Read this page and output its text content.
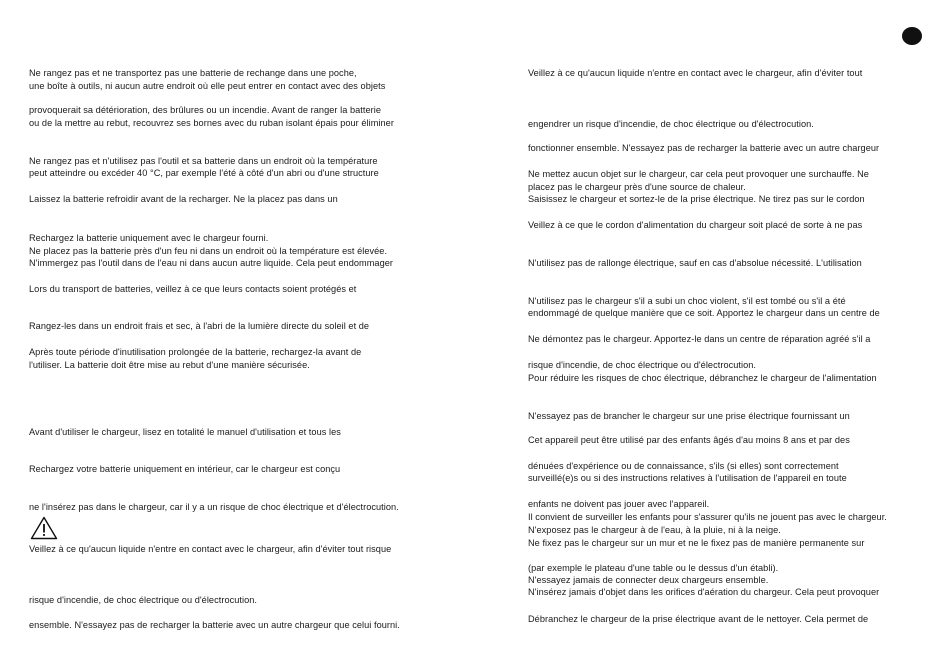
Ne rangez pas et ne transportez pas une batterie de rechange dans une poche,
une boîte à outils, ni aucun autre endroit où elle peut entrer en contact avec des objets
provoquerait sa détérioration, des brûlures ou un incendie. Avant de ranger la batterie
ou de la mettre au rebut, recouvrez ses bornes avec du ruban isolant épais pour éliminer
Ne rangez pas et n'utilisez pas l'outil et sa batterie dans un endroit où la température
peut atteindre ou excéder 40 °C, par exemple l'été à côté d'un abri ou d'une structure
Laissez la batterie refroidir avant de la recharger. Ne la placez pas dans un
Rechargez la batterie uniquement avec le chargeur fourni.
Ne placez pas la batterie près d'un feu ni dans un endroit où la température est élevée.
N'immergez pas l'outil dans de l'eau ni dans aucun autre liquide. Cela peut endommager
Lors du transport de batteries, veillez à ce que leurs contacts soient protégés et
Rangez-les dans un endroit frais et sec, à l'abri de la lumière directe du soleil et de
Après toute période d'inutilisation prolongée de la batterie, rechargez-la avant de
l'utiliser. La batterie doit être mise au rebut d'une manière sécurisée.
Avant d'utiliser le chargeur, lisez en totalité le manuel d'utilisation et tous les
Rechargez votre batterie uniquement en intérieur, car le chargeur est conçu
ne l'insérez pas dans le chargeur, car il y a un risque de choc électrique et d'électrocution.
Veillez à ce qu'aucun liquide n'entre en contact avec le chargeur, afin d'éviter tout risque
risque d'incendie, de choc électrique ou d'électrocution.
ensemble. N'essayez pas de recharger la batterie avec un autre chargeur que celui fourni.
Veillez à ce qu'aucun liquide n'entre en contact avec le chargeur, afin d'éviter tout
engendrer un risque d'incendie, de choc électrique ou d'électrocution.
fonctionner ensemble. N'essayez pas de recharger la batterie avec un autre chargeur
Ne mettez aucun objet sur le chargeur, car cela peut provoquer une surchauffe. Ne
placez pas le chargeur près d'une source de chaleur.
Saisissez le chargeur et sortez-le de la prise électrique. Ne tirez pas sur le cordon
Veillez à ce que le cordon d'alimentation du chargeur soit placé de sorte à ne pas
N'utilisez pas de rallonge électrique, sauf en cas d'absolue nécessité. L'utilisation
N'utilisez pas le chargeur s'il a subi un choc violent, s'il est tombé ou s'il a été
endommagé de quelque manière que ce soit. Apportez le chargeur dans un centre de
Ne démontez pas le chargeur. Apportez-le dans un centre de réparation agréé s'il a
risque d'incendie, de choc électrique ou d'électrocution.
Pour réduire les risques de choc électrique, débranchez le chargeur de l'alimentation
N'essayez pas de brancher le chargeur sur une prise électrique fournissant un
Cet appareil peut être utilisé par des enfants âgés d'au moins 8 ans et par des
dénuées d'expérience ou de connaissance, s'ils (si elles) sont correctement
surveillé(e)s ou si des instructions relatives à l'utilisation de l'appareil en toute
enfants ne doivent pas jouer avec l'appareil.
Il convient de surveiller les enfants pour s'assurer qu'ils ne jouent pas avec le chargeur.
N'exposez pas le chargeur à de l'eau, à la pluie, ni à la neige.
Ne fixez pas le chargeur sur un mur et ne le fixez pas de manière permanente sur
(par exemple le plateau d'une table ou le dessus d'un établi).
N'essayez jamais de connecter deux chargeurs ensemble.
N'insérez jamais d'objet dans les orifices d'aération du chargeur. Cela peut provoquer
Débranchez le chargeur de la prise électrique avant de le nettoyer. Cela permet de
